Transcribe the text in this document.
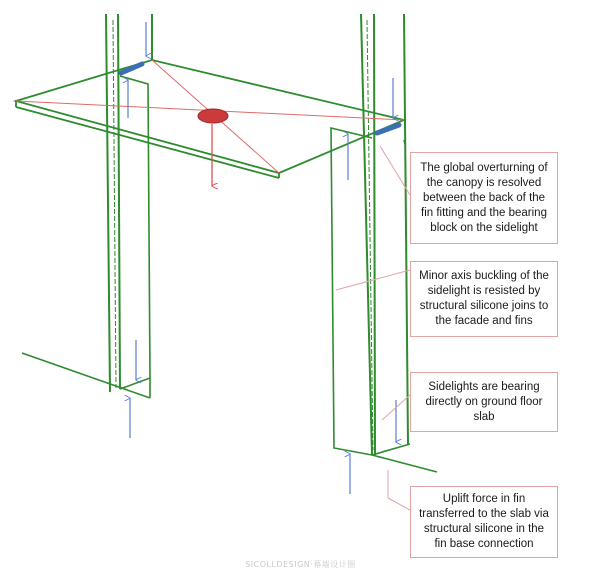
The global overturning of the canopy is resolved between the back of the fin fitting and the bearing block on the sidelight
Minor axis buckling of the sidelight is resisted by structural silicone joins to the facade and fins
Sidelights are bearing directly on ground floor slab
Uplift force in fin transferred to the slab via structural silicone in the fin base connection
SICOLLDESIGN·幕墙设计圈
